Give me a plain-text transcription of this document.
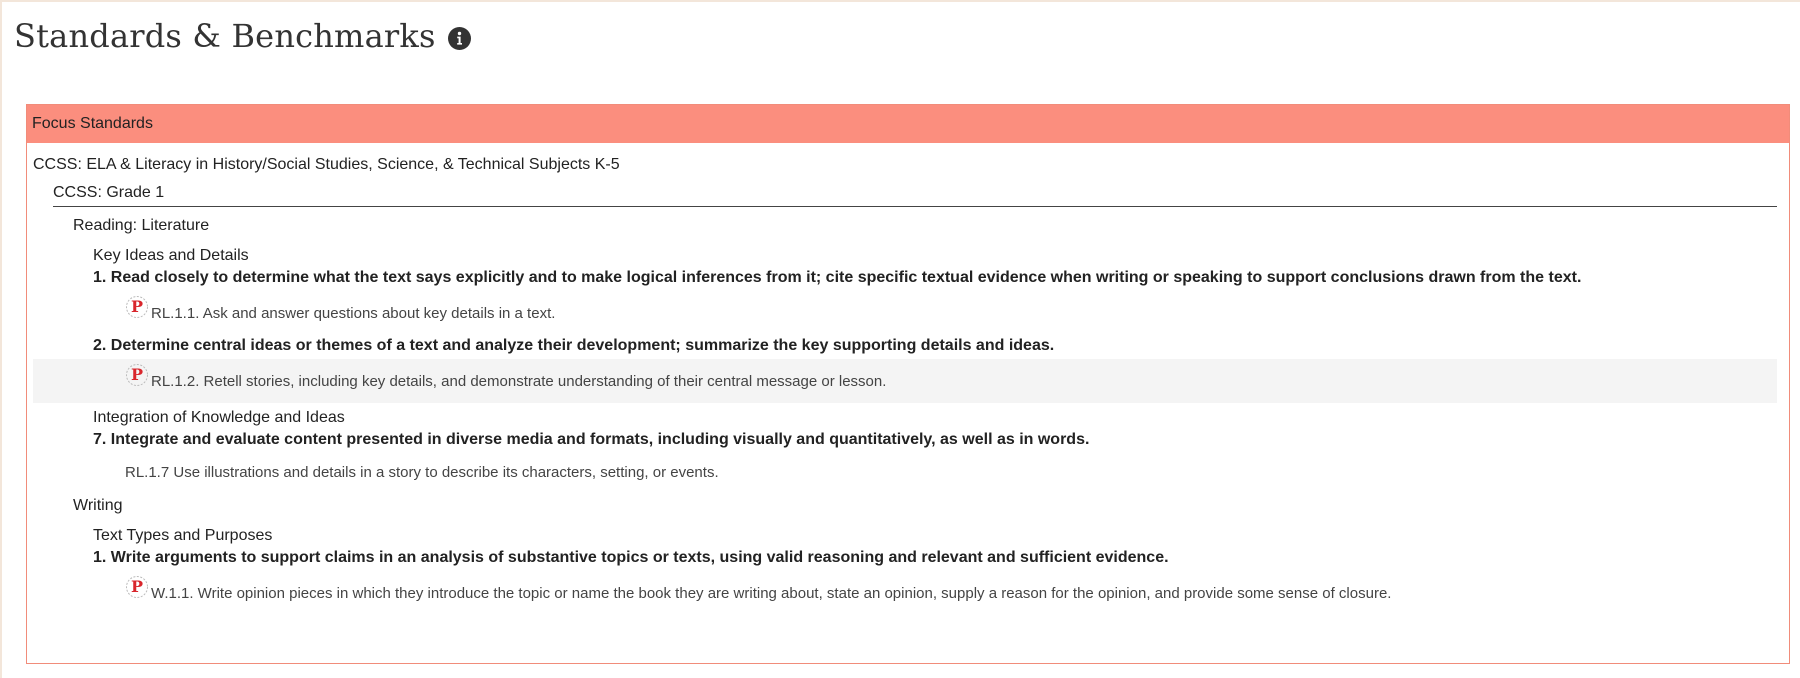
Standards & Benchmarks
Focus Standards
CCSS: ELA & Literacy in History/Social Studies, Science, & Technical Subjects K-5
CCSS: Grade 1
Reading: Literature
Key Ideas and Details
1. Read closely to determine what the text says explicitly and to make logical inferences from it; cite specific textual evidence when writing or speaking to support conclusions drawn from the text.
P RL.1.1. Ask and answer questions about key details in a text.
2. Determine central ideas or themes of a text and analyze their development; summarize the key supporting details and ideas.
P RL.1.2. Retell stories, including key details, and demonstrate understanding of their central message or lesson.
Integration of Knowledge and Ideas
7. Integrate and evaluate content presented in diverse media and formats, including visually and quantitatively, as well as in words.
RL.1.7 Use illustrations and details in a story to describe its characters, setting, or events.
Writing
Text Types and Purposes
1. Write arguments to support claims in an analysis of substantive topics or texts, using valid reasoning and relevant and sufficient evidence.
P W.1.1. Write opinion pieces in which they introduce the topic or name the book they are writing about, state an opinion, supply a reason for the opinion, and provide some sense of closure.
